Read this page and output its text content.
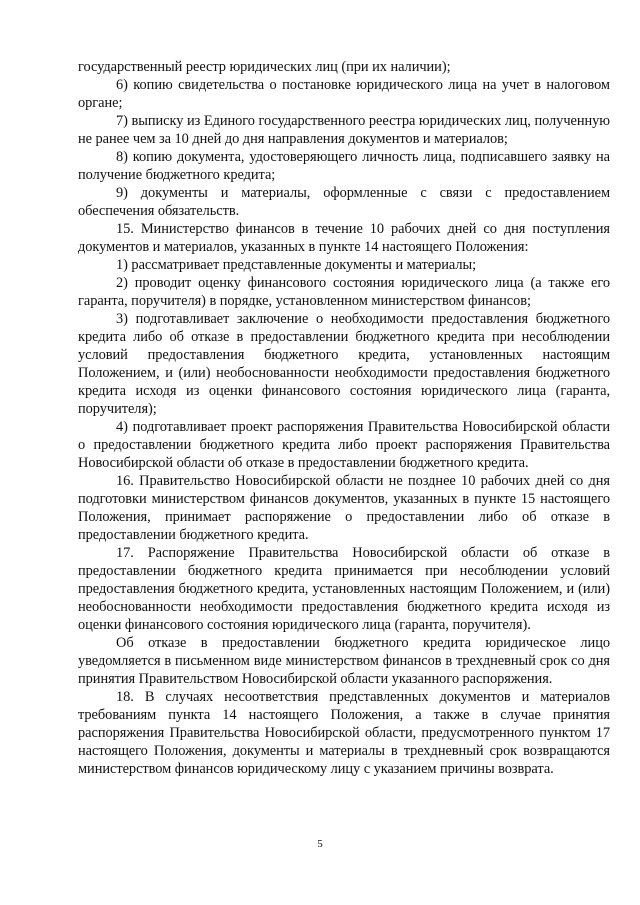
государственный реестр юридических лиц (при их наличии);

6) копию свидетельства о постановке юридического лица на учет в налоговом органе;

7) выписку из Единого государственного реестра юридических лиц, полученную не ранее чем за 10 дней до дня направления документов и материалов;

8) копию документа, удостоверяющего личность лица, подписавшего заявку на получение бюджетного кредита;

9) документы и материалы, оформленные с связи с предоставлением обеспечения обязательств.

15. Министерство финансов в течение 10 рабочих дней со дня поступления документов и материалов, указанных в пункте 14 настоящего Положения:

1) рассматривает представленные документы и материалы;

2) проводит оценку финансового состояния юридического лица (а также его гаранта, поручителя) в порядке, установленном министерством финансов;

3) подготавливает заключение о необходимости предоставления бюджетного кредита либо об отказе в предоставлении бюджетного кредита при несоблюдении условий предоставления бюджетного кредита, установленных настоящим Положением, и (или) необоснованности необходимости предоставления бюджетного кредита исходя из оценки финансового состояния юридического лица (гаранта, поручителя);

4) подготавливает проект распоряжения Правительства Новосибирской области о предоставлении бюджетного кредита либо проект распоряжения Правительства Новосибирской области об отказе в предоставлении бюджетного кредита.

16. Правительство Новосибирской области не позднее 10 рабочих дней со дня подготовки министерством финансов документов, указанных в пункте 15 настоящего Положения, принимает распоряжение о предоставлении либо об отказе в предоставлении бюджетного кредита.

17. Распоряжение Правительства Новосибирской области об отказе в предоставлении бюджетного кредита принимается при несоблюдении условий предоставления бюджетного кредита, установленных настоящим Положением, и (или) необоснованности необходимости предоставления бюджетного кредита исходя из оценки финансового состояния юридического лица (гаранта, поручителя).

Об отказе в предоставлении бюджетного кредита юридическое лицо уведомляется в письменном виде министерством финансов в трехдневный срок со дня принятия Правительством Новосибирской области указанного распоряжения.

18. В случаях несоответствия представленных документов и материалов требованиям пункта 14 настоящего Положения, а также в случае принятия распоряжения Правительства Новосибирской области, предусмотренного пунктом 17 настоящего Положения, документы и материалы в трехдневный срок возвращаются министерством финансов юридическому лицу с указанием причины возврата.

5
